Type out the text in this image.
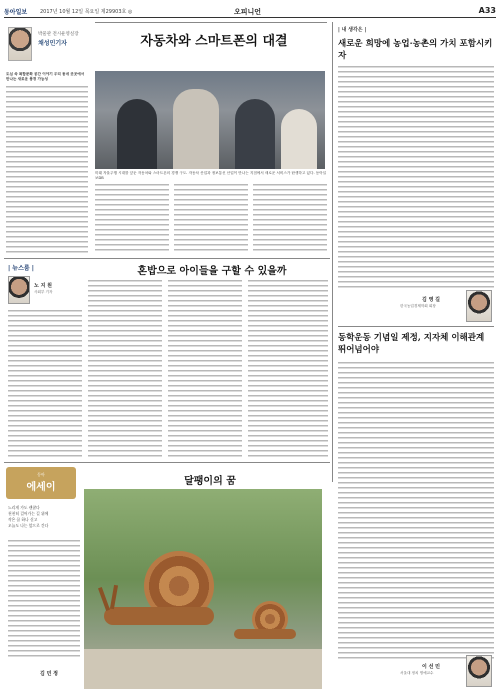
동아일보	2017년 10월 12일 목요일 제29903호 ◎	오피니언	A33
박물관 전시운영실장
채성민기자
도심 속 복합문화 공간 이야기 우리 동네 곳곳에서 만나는 새로운 풍경 가능성
자동차와 스마트폰의 대결
미래 자율주행 시대를 앞둔 자동차와 스마트폰의 경쟁 구도. 자동차 산업과 정보통신 산업이 만나는 지점에서 새로운 서비스가 탄생하고 있다. 동아일보DB
| 내 생각은 |
새로운 희망에 농업·농촌의 가치 포함시키자
김 영 길
한국농업경제학회 회장
동학운동 기념일 제정, 지자체 이해관계 뛰어넘어야
이 선 민
서울대 정치 명예교수
| 뉴스룸 |	혼밥으로 아이들을 구할 수 있을까
노 지 원
사회부 기자
동아
에세이
달팽이의 꿈
느리게 가도 괜찮다
천천히 걸어가는 길 위에
작은 꿈 하나 싣고
오늘도 나는 앞으로 간다
김 민 정
